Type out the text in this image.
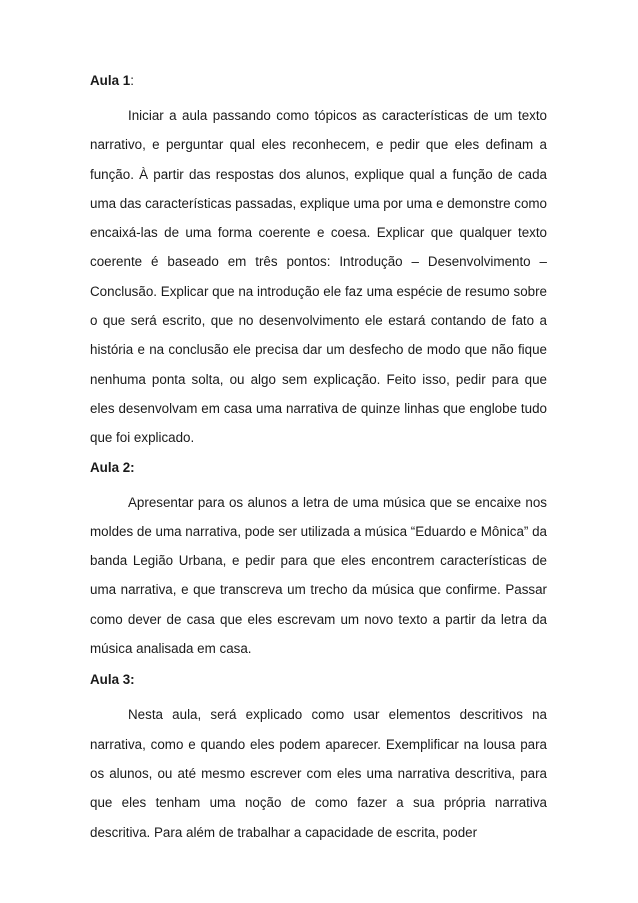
Aula 1:

Iniciar a aula passando como tópicos as características de um texto narrativo, e perguntar qual eles reconhecem, e pedir que eles definam a função. À partir das respostas dos alunos, explique qual a função de cada uma das características passadas, explique uma por uma e demonstre como encaixá-las de uma forma coerente e coesa. Explicar que qualquer texto coerente é baseado em três pontos: Introdução – Desenvolvimento – Conclusão. Explicar que na introdução ele faz uma espécie de resumo sobre o que será escrito, que no desenvolvimento ele estará contando de fato a história e na conclusão ele precisa dar um desfecho de modo que não fique nenhuma ponta solta, ou algo sem explicação. Feito isso, pedir para que eles desenvolvam em casa uma narrativa de quinze linhas que englobe tudo que foi explicado.

Aula 2:

Apresentar para os alunos a letra de uma música que se encaixe nos moldes de uma narrativa, pode ser utilizada a música “Eduardo e Mônica” da banda Legião Urbana, e pedir para que eles encontrem características de uma narrativa, e que transcreva um trecho da música que confirme. Passar como dever de casa que eles escrevam um novo texto a partir da letra da música analisada em casa.

Aula 3:

Nesta aula, será explicado como usar elementos descritivos na narrativa, como e quando eles podem aparecer. Exemplificar na lousa para os alunos, ou até mesmo escrever com eles uma narrativa descritiva, para que eles tenham uma noção de como fazer a sua própria narrativa descritiva. Para além de trabalhar a capacidade de escrita, poder
